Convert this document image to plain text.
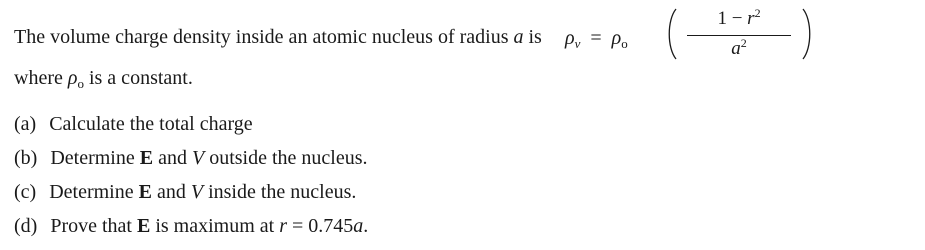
The volume charge density inside an atomic nucleus of radius a is $\rho_v = \rho_o$
$1 - r^2$
$a^2$
where $\rho_o$ is a constant.
(a) Calculate the total charge
(b) Determine E and V outside the nucleus.
(c) Determine E and V inside the nucleus.
(d) Prove that E is maximum at r = 0.745a.
